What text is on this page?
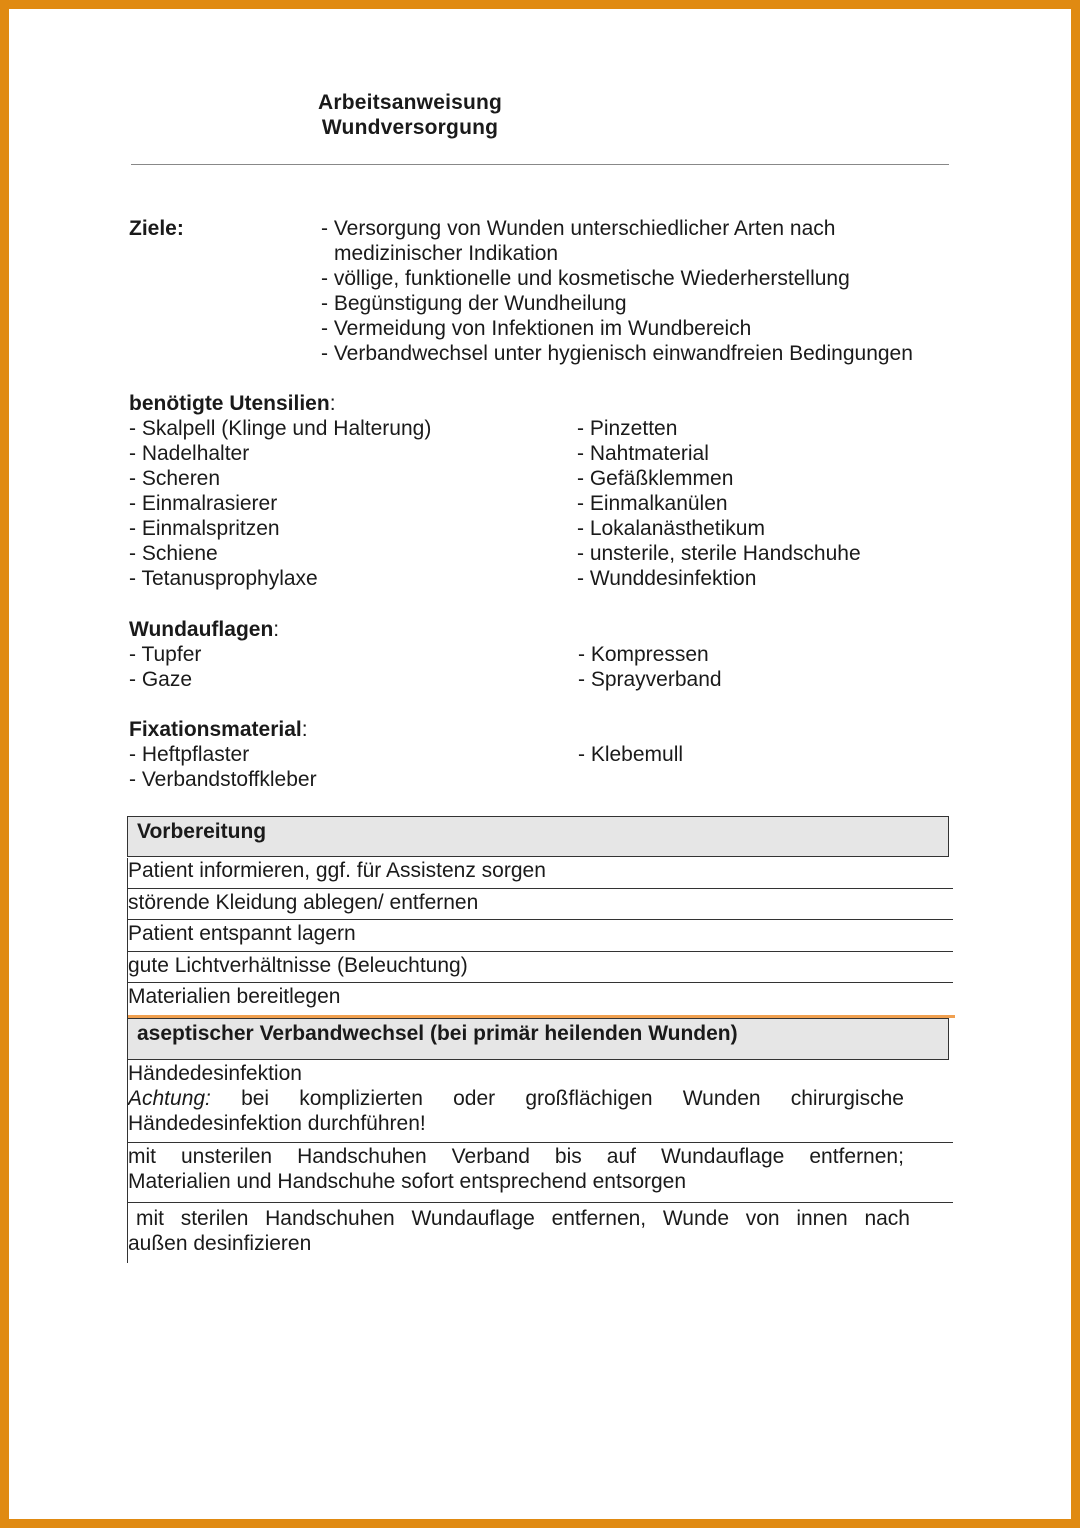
Arbeitsanweisung
Wundversorgung
Ziele:	- Versorgung von Wunden unterschiedlicher Arten nach
medizinischer Indikation
- völlige, funktionelle und kosmetische Wiederherstellung
- Begünstigung der Wundheilung
- Vermeidung von Infektionen im Wundbereich
- Verbandwechsel unter hygienisch einwandfreien Bedingungen
benötigte Utensilien:
- Skalpell (Klinge und Halterung)
- Nadelhalter
- Scheren
- Einmalrasierer
- Einmalspritzen
- Schiene
- Tetanusprophylaxe
- Pinzetten
- Nahtmaterial
- Gefäßklemmen
- Einmalkanülen
- Lokalanästhetikum
- unsterile, sterile Handschuhe
- Wunddesinfektion
Wundauflagen:
- Tupfer
- Gaze
- Kompressen
- Sprayverband
Fixationsmaterial:
- Heftpflaster
- Verbandstoffkleber
- Klebemull
Vorbereitung
Patient informieren, ggf. für Assistenz sorgen
störende Kleidung ablegen/ entfernen
Patient entspannt lagern
gute Lichtverhältnisse (Beleuchtung)
Materialien bereitlegen
aseptischer Verbandwechsel (bei primär heilenden Wunden)
Händedesinfektion
Achtung: bei komplizierten oder großflächigen Wunden chirurgische
Händedesinfektion durchführen!
mit unsterilen Handschuhen Verband bis auf Wundauflage entfernen;
Materialien und Handschuhe sofort entsprechend entsorgen
mit sterilen Handschuhen Wundauflage entfernen, Wunde von innen nach
außen desinfizieren
